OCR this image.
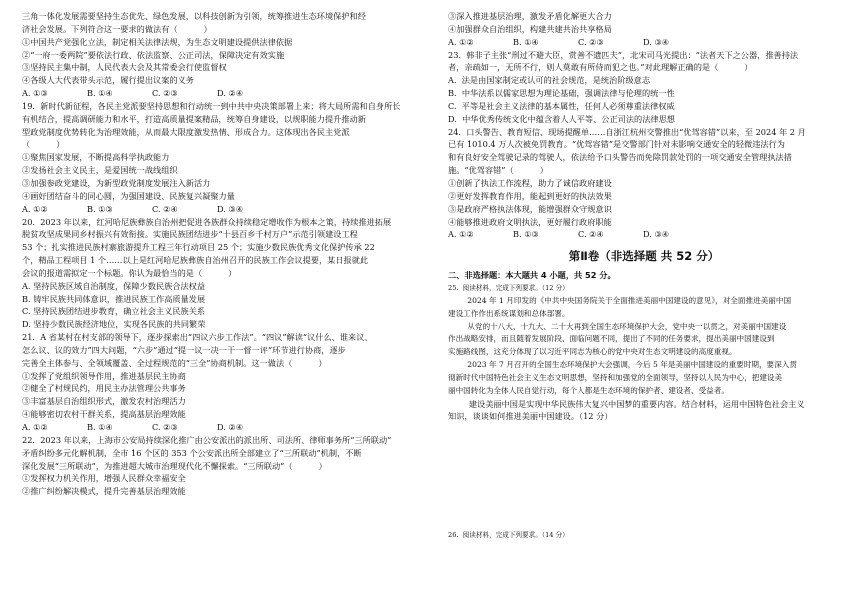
三角一体化发展需要坚持生态优先、绿色发展，以科技创新为引领，统筹推进生态环境保护和经
济社会发展。下列符合这一要求的做法有（          ）
①中国共产党强化立法，制定相关法律法规，为生态文明建设提供法律依据
②“一府一委两院”要依法行政、依法监察、公正司法，保障决定有效实施
③坚持民主集中制，人民代表大会及其常委会行使监督权
④各级人大代表带头示范，履行提出议案的义务
A. ①③	B. ①④	C. ②③	D. ②④
19.  新时代新征程，各民主党派要坚持思想和行动统一到中共中央决策部署上来；将大局所需和自身所长
有机结合，提高调研能力和水平，打造高质量提案精品，统筹自身建设，以规职能力提升推动新
型政党制度优势转化为治理效能，从而最大限度激发热情、形成合力。这体现出各民主党派
（          ）
①聚焦国家发展，不断提高科学执政能力
②发扬社会主义民主，是爱国统一战线组织
③加强参政党建设，为新型政党制度发展注入新活力
④画好团结奋斗的同心圆，为强国建设、民族复兴凝聚力量
A. ①②	B. ①③	C. ②④	D. ③④
20.  2023 年以来，红河哈尼族彝族自治州把促进各族群众持续稳定增收作为根本之策，持续推进拓展
脱贫攻坚成果同乡村振兴有效衔接。实施民族团结进步“十县百乡千村万户”示范引领建设工程
53 个；扎实推进民族村寨旅游提升工程三年行动项目 25 个；实施少数民族优秀文化保护传承 22
个，精品工程项目 1 个……以上是红河哈尼族彝族自治州召开的民族工作会议提要，某日报就此
会议的报道需拟定一个标题。你认为最恰当的是（          ）
A. 坚持民族区域自治制度，保障少数民族合法权益
B. 铸牢民族共同体意识，推进民族工作高质量发展
C. 坚持民族团结进步教育，确立社会主义民族关系
D. 坚持少数民族经济地位，实现各民族的共同繁荣
21.  A 省某村在村支部的领导下，逐步探索出“四议六步工作法”。“四议”解读“议什么、谁来议、
怎么议、议的效力”四大问题，“六步”通过“提一议一决一干一督一评”环节进行协商，逐步
完善全主体参与、全领域覆盖、全过程规范的“三全”协商机制。这一做法（          ）
①发挥了党组织领导作用，推进基层民主协商
②健全了村规民约，用民主办法管理公共事务
③丰富基层自治组织形式，激发农村治理活力
④能够密切农村干群关系，提高基层治理效能
A. ①②	B. ①④	C. ②③	D. ②④
22.  2023 年以来，上海市公安局持续深化推广由公安派出的派出所、司法所、律师事务所“三所联动”
矛盾纠纷多元化解机制，全市 16 个区的 353 个公安派出所全部建立了“三所联动”机制，不断
深化发展“三所联动”，为推进超大城市治理现代化不懈探索。“三所联动”（          ）
①发挥权力机关作用，增强人民群众幸福安全
②推广纠纷解决模式，提升完善基层治理效能
③深入推进基层治理，激发矛盾化解更大合力
④加强群众自治组织，构建共建共治共享格局
A. ①②	B. ①④	C. ②③	D. ③④
23.  韩非子主张“刑过不避大臣，赏善不遗匹夫”，北宋司马光提出：“法者天下之公器，推善持法
者，亲疏如一，无所不行，则人莫敢有所侍而犯之也。”对此理解正确的是（          ）
A.  法是由国家制定或认可的社会规范，是统治阶级意志
B.  中华法系以儒家思想为理论基础，强调法律与伦理的统一性
C.  平等是社会主义法律的基本属性，任何人必须尊重法律权威
D.  中华优秀传统文化中蕴含着人人平等、公正司法的法律思想
24.  口头警告、教育短信、现场提醒单……自浙江杭州交警推出“优驾容错”以来，至 2024 年 2 月
已有 1010.4 万人次被免罚教育。“优驾容错”是交警部门针对未影响交通安全的轻微违法行为
和有良好安全驾驶记录的驾驶人，依法给予口头警告而免除罚款处罚的一项交通安全管理执法措
施。“优驾容错”（          ）
①创新了执法工作流程，助力了诚信政府建设
②更好发挥教育作用，能起到更好的执法效果
③是政府严格执法体现，能增强群众守规意识
④能够推进政府文明执法，更好履行政府职能
A. ①②	B. ①③	C. ②④	D. ③④
第Ⅱ卷（非选择题 共 52 分）
二、非选择题：本大题共 4 小题，共 52 分。
25.  阅读材料，完成下列要求。（12 分）
2024 年 1 月印发的《中共中央国务院关于全面推进美丽中国建设的意见》，对全面推进美丽中国
建设工作作出系统谋划和总体部署。
从党的十八大、十九大、二十大再到全国生态环境保护大会，党中央一以贯之，对美丽中国建设
作出战略安排，而且随着发展阶段、面临问题不同，提出了不同的任务要求，提出美丽中国建设到
实施路线图，这充分体现了以习近平同志为核心的党中央对生态文明建设的高度重视。
2023 年 7 月召开的全国生态环境保护大会强调，今后 5 年是美丽中国建设的重要时期，要深入贯
彻新时代中国特色社会主义生态文明思想，坚持和加强党的全面领导，坚持以人民为中心，把建设美
丽中国转化为全体人民自觉行动，每个人都是生态环境的保护者、建设者、受益者。
建设美丽中国是实现中华民族伟大复兴中国梦的重要内容。结合材料，运用中国特色社会主义
知识，谈谈如何推进美丽中国建设。（12 分）
26.  阅读材料，完成下列要求。（14 分）
